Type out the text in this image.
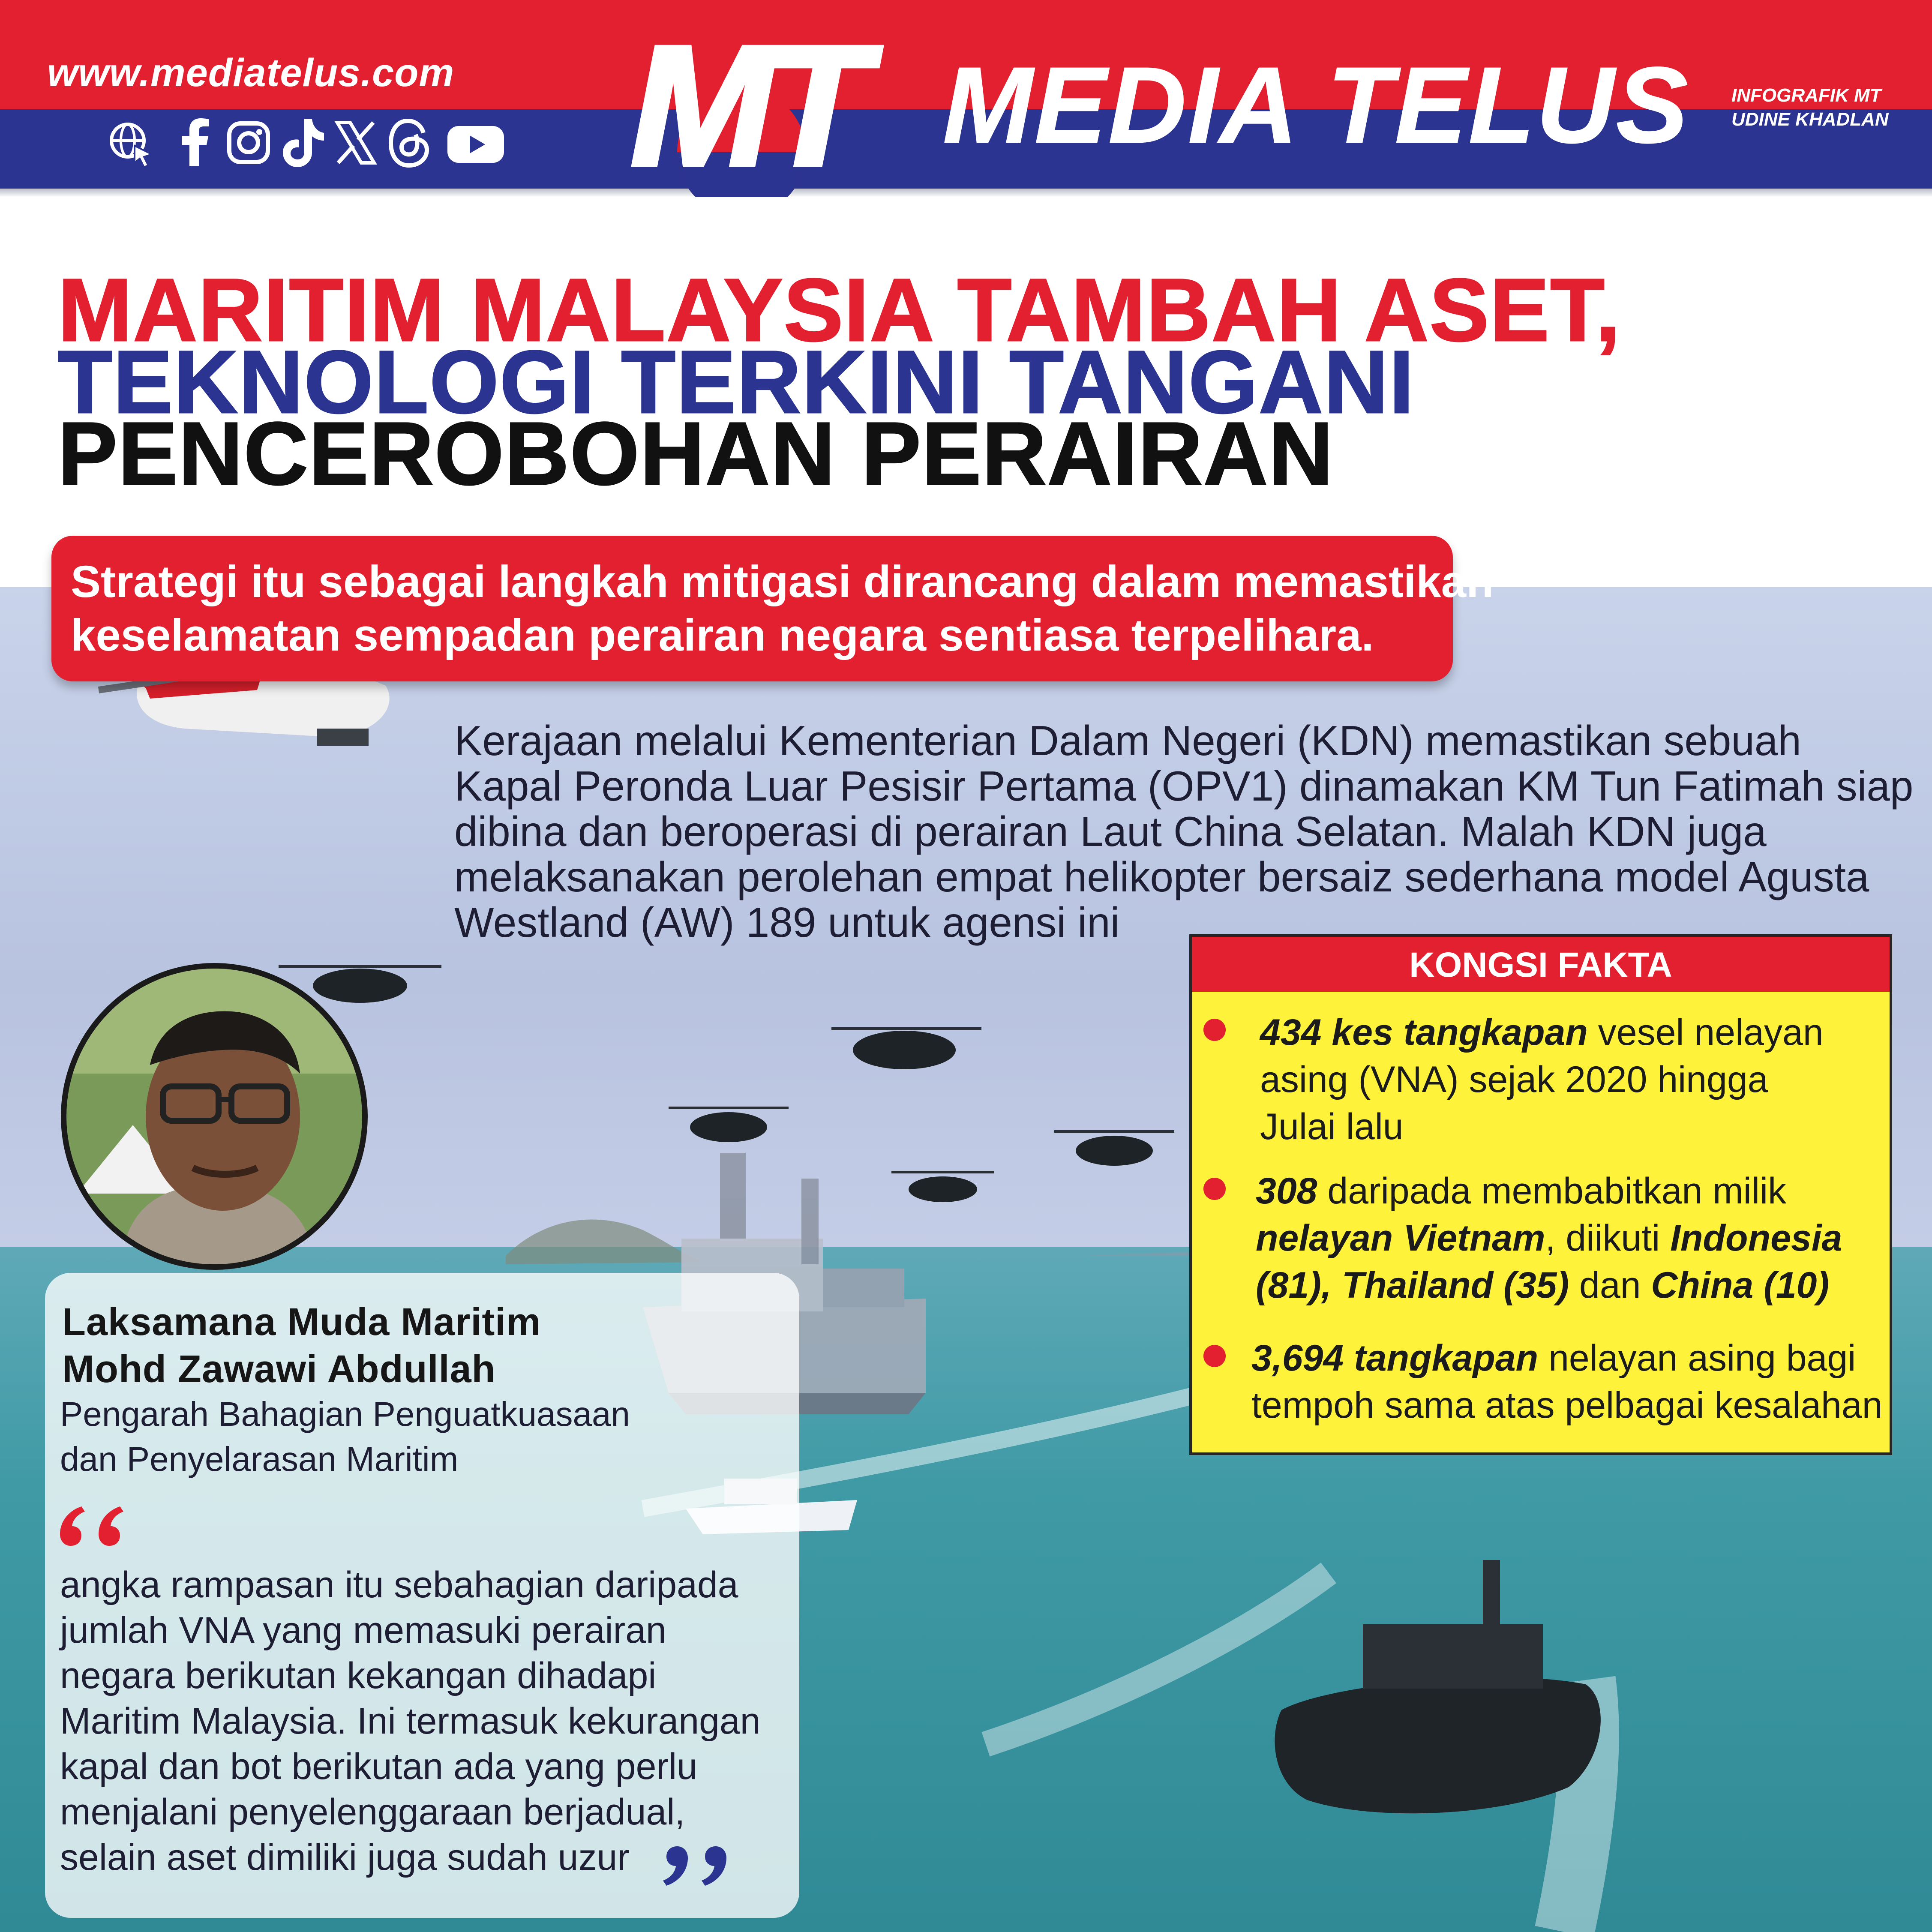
www.mediatelus.com MT MEDIA TELUS INFOGRAFIK MT
UDINE KHADLAN
MARITIM MALAYSIA TAMBAH ASET,
TEKNOLOGI TERKINI TANGANI
PENCEROBOHAN PERAIRAN
Strategi itu sebagai langkah mitigasi dirancang dalam memastikan
keselamatan sempadan perairan negara sentiasa terpelihara.
Kerajaan melalui Kementerian Dalam Negeri (KDN) memastikan sebuah
Kapal Peronda Luar Pesisir Pertama (OPV1) dinamakan KM Tun Fatimah siap
dibina dan beroperasi di perairan Laut China Selatan. Malah KDN juga
melaksanakan perolehan empat helikopter bersaiz sederhana model Agusta
Westland (AW) 189 untuk agensi ini
KONGSI FAKTA
434 kes tangkapan vesel nelayan
asing (VNA) sejak 2020 hingga
Julai lalu
308 daripada membabitkan milik
nelayan Vietnam, diikuti Indonesia
(81), Thailand (35) dan China (10)
3,694 tangkapan nelayan asing bagi
tempoh sama atas pelbagai kesalahan
Laksamana Muda Maritim
Mohd Zawawi Abdullah
Pengarah Bahagian Penguatkuasaan
dan Penyelarasan Maritim
angka rampasan itu sebahagian daripada
jumlah VNA yang memasuki perairan
negara berikutan kekangan dihadapi
Maritim Malaysia. Ini termasuk kekurangan
kapal dan bot berikutan ada yang perlu
menjalani penyelenggaraan berjadual,
selain aset dimiliki juga sudah uzur
